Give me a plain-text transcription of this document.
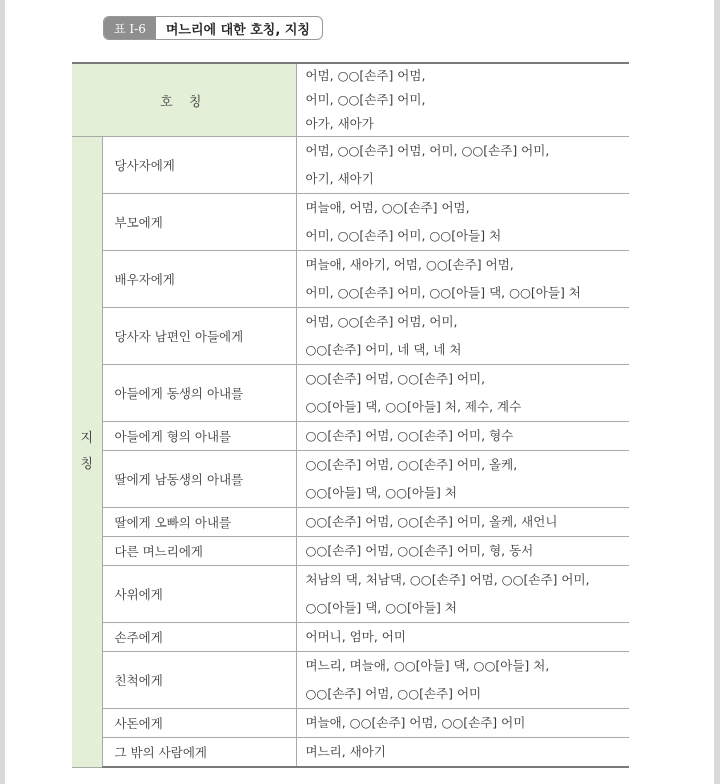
표 Ⅰ-6	며느리에 대한 호칭, 지칭
호 칭		어멈, ○○[손주] 어멈,
어미, ○○[손주] 어미,
아가, 새아가

지
칭	당사자에게	어멈, ○○[손주] 어멈, 어미, ○○[손주] 어미,
아기, 새아기

	부모에게	며늘애, 어멈, ○○[손주] 어멈,
어미, ○○[손주] 어미, ○○[아들] 처

	배우자에게	며늘애, 새아기, 어멈, ○○[손주] 어멈,
어미, ○○[손주] 어미, ○○[아들] 댁, ○○[아들] 처

	당사자 남편인 아들에게	어멈, ○○[손주] 어멈, 어미,
○○[손주] 어미, 네 댁, 네 처

	아들에게 동생의 아내를	○○[손주] 어멈, ○○[손주] 어미,
○○[아들] 댁, ○○[아들] 처, 제수, 계수

	아들에게 형의 아내를	○○[손주] 어멈, ○○[손주] 어미, 형수

	딸에게 남동생의 아내를	○○[손주] 어멈, ○○[손주] 어미, 올케,
○○[아들] 댁, ○○[아들] 처

	딸에게 오빠의 아내를	○○[손주] 어멈, ○○[손주] 어미, 올케, 새언니

	다른 며느리에게	○○[손주] 어멈, ○○[손주] 어미, 형, 동서

	사위에게	처남의 댁, 처남댁, ○○[손주] 어멈, ○○[손주] 어미,
○○[아들] 댁, ○○[아들] 처

	손주에게	어머니, 엄마, 어미

	친척에게	며느리, 며늘애, ○○[아들] 댁, ○○[아들] 처,
○○[손주] 어멈, ○○[손주] 어미

	사돈에게	며늘애, ○○[손주] 어멈, ○○[손주] 어미

	그 밖의 사람에게	며느리, 새아기
